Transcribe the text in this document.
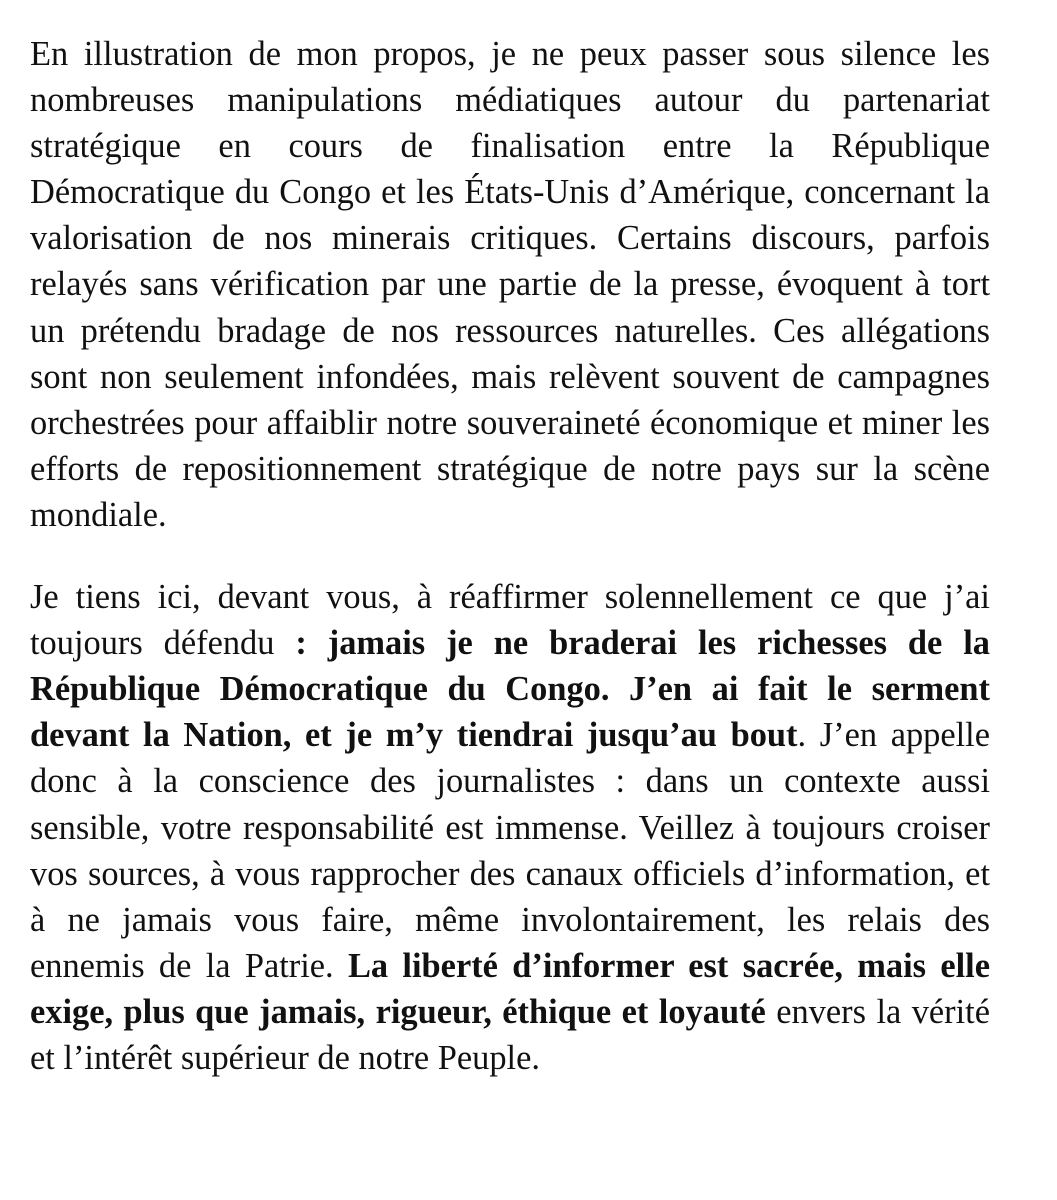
En illustration de mon propos, je ne peux passer sous silence les nombreuses manipulations médiatiques autour du partenariat stratégique en cours de finalisation entre la République Démocratique du Congo et les États-Unis d’Amérique, concernant la valorisation de nos minerais critiques. Certains discours, parfois relayés sans vérification par une partie de la presse, évoquent à tort un prétendu bradage de nos ressources naturelles. Ces allégations sont non seulement infondées, mais relèvent souvent de campagnes orchestrées pour affaiblir notre souveraineté économique et miner les efforts de repositionnement stratégique de notre pays sur la scène mondiale.

Je tiens ici, devant vous, à réaffirmer solennellement ce que j’ai toujours défendu : jamais je ne braderai les richesses de la République Démocratique du Congo. J’en ai fait le serment devant la Nation, et je m’y tiendrai jusqu’au bout. J’en appelle donc à la conscience des journalistes : dans un contexte aussi sensible, votre responsabilité est immense. Veillez à toujours croiser vos sources, à vous rapprocher des canaux officiels d’information, et à ne jamais vous faire, même involontairement, les relais des ennemis de la Patrie. La liberté d’informer est sacrée, mais elle exige, plus que jamais, rigueur, éthique et loyauté envers la vérité et l’intérêt supérieur de notre Peuple.
